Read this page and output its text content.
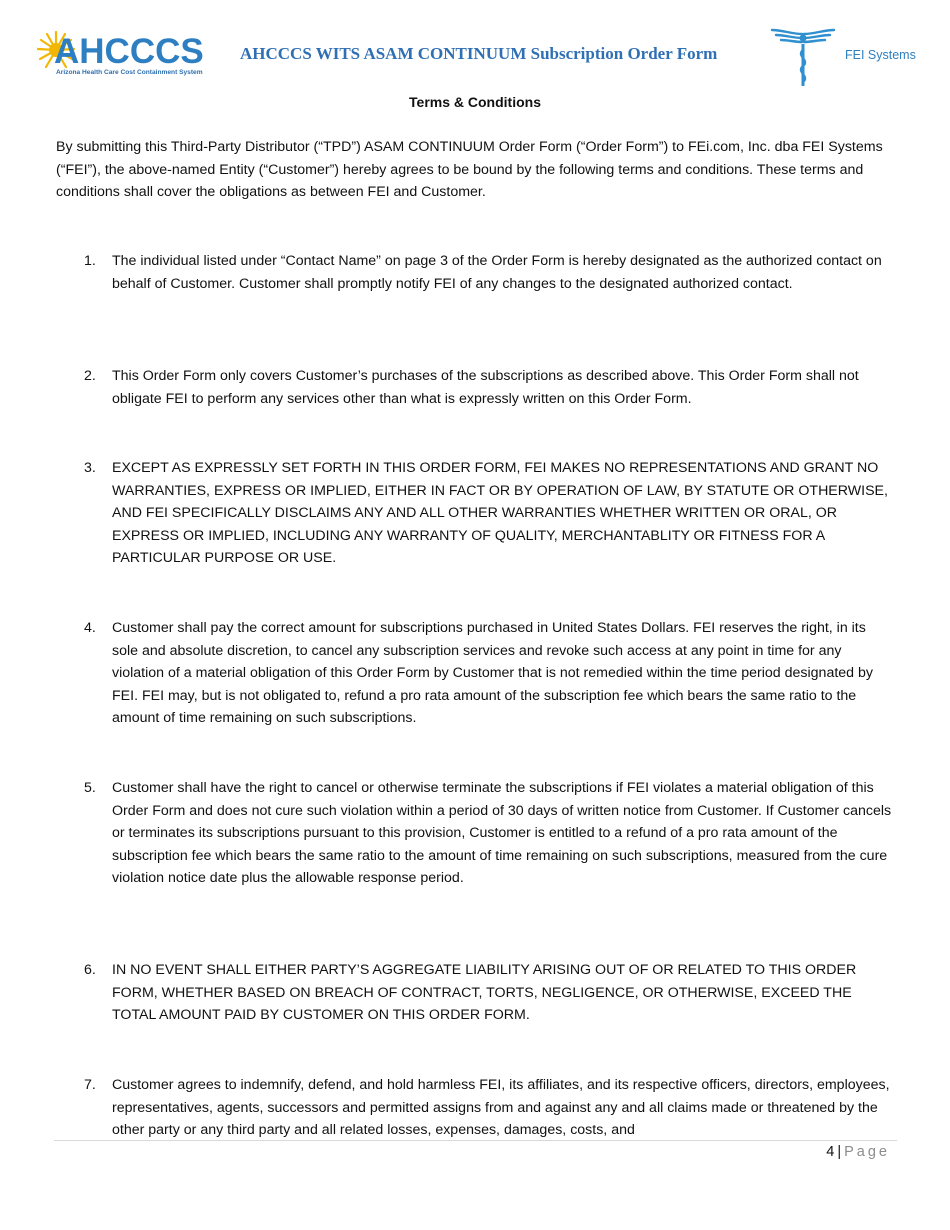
AHCCCS
Arizona Health Care Cost Containment System
AHCCCS WITS ASAM CONTINUUM Subscription Order Form	FEI Systems
Terms & Conditions
By submitting this Third-Party Distributor (“TPD”) ASAM CONTINUUM Order Form (“Order Form”) to FEi.com, Inc. dba FEI Systems (“FEI”), the above-named Entity (“Customer”) hereby agrees to be bound by the following terms and conditions. These terms and conditions shall cover the obligations as between FEI and Customer.
1. The individual listed under “Contact Name” on page 3 of the Order Form is hereby designated as the authorized contact on behalf of Customer. Customer shall promptly notify FEI of any changes to the designated authorized contact.
2. This Order Form only covers Customer’s purchases of the subscriptions as described above. This Order Form shall not obligate FEI to perform any services other than what is expressly written on this Order Form.
3. EXCEPT AS EXPRESSLY SET FORTH IN THIS ORDER FORM, FEI MAKES NO REPRESENTATIONS AND GRANT NO WARRANTIES, EXPRESS OR IMPLIED, EITHER IN FACT OR BY OPERATION OF LAW, BY STATUTE OR OTHERWISE, AND FEI SPECIFICALLY DISCLAIMS ANY AND ALL OTHER WARRANTIES WHETHER WRITTEN OR ORAL, OR EXPRESS OR IMPLIED, INCLUDING ANY WARRANTY OF QUALITY, MERCHANTABLITY OR FITNESS FOR A PARTICULAR PURPOSE OR USE.
4. Customer shall pay the correct amount for subscriptions purchased in United States Dollars. FEI reserves the right, in its sole and absolute discretion, to cancel any subscription services and revoke such access at any point in time for any violation of a material obligation of this Order Form by Customer that is not remedied within the time period designated by FEI. FEI may, but is not obligated to, refund a pro rata amount of the subscription fee which bears the same ratio to the amount of time remaining on such subscriptions.
5. Customer shall have the right to cancel or otherwise terminate the subscriptions if FEI violates a material obligation of this Order Form and does not cure such violation within a period of 30 days of written notice from Customer. If Customer cancels or terminates its subscriptions pursuant to this provision, Customer is entitled to a refund of a pro rata amount of the subscription fee which bears the same ratio to the amount of time remaining on such subscriptions, measured from the cure violation notice date plus the allowable response period.
6. IN NO EVENT SHALL EITHER PARTY’S AGGREGATE LIABILITY ARISING OUT OF OR RELATED TO THIS ORDER FORM, WHETHER BASED ON BREACH OF CONTRACT, TORTS, NEGLIGENCE, OR OTHERWISE, EXCEED THE TOTAL AMOUNT PAID BY CUSTOMER ON THIS ORDER FORM.
7. Customer agrees to indemnify, defend, and hold harmless FEI, its affiliates, and its respective officers, directors, employees, representatives, agents, successors and permitted assigns from and against any and all claims made or threatened by the other party or any third party and all related losses, expenses, damages, costs, and
4 | Page
